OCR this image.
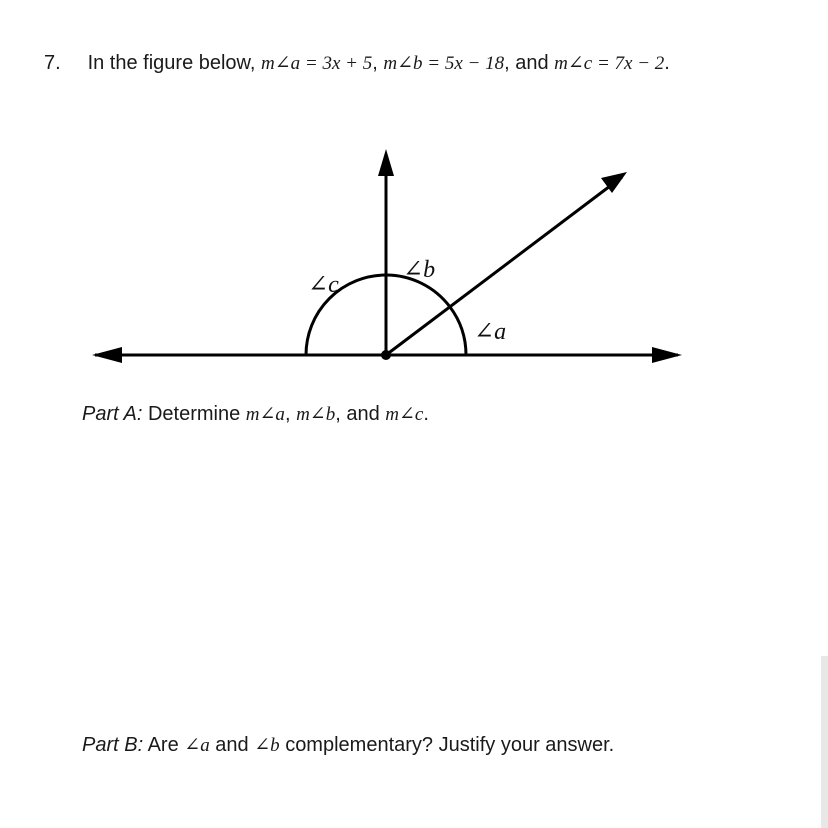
7. In the figure below, m∠a = 3x + 5, m∠b = 5x − 18, and m∠c = 7x − 2.
∠c
∠b
∠a
Part A: Determine m∠a, m∠b, and m∠c.
Part B: Are ∠a and ∠b complementary? Justify your answer.
